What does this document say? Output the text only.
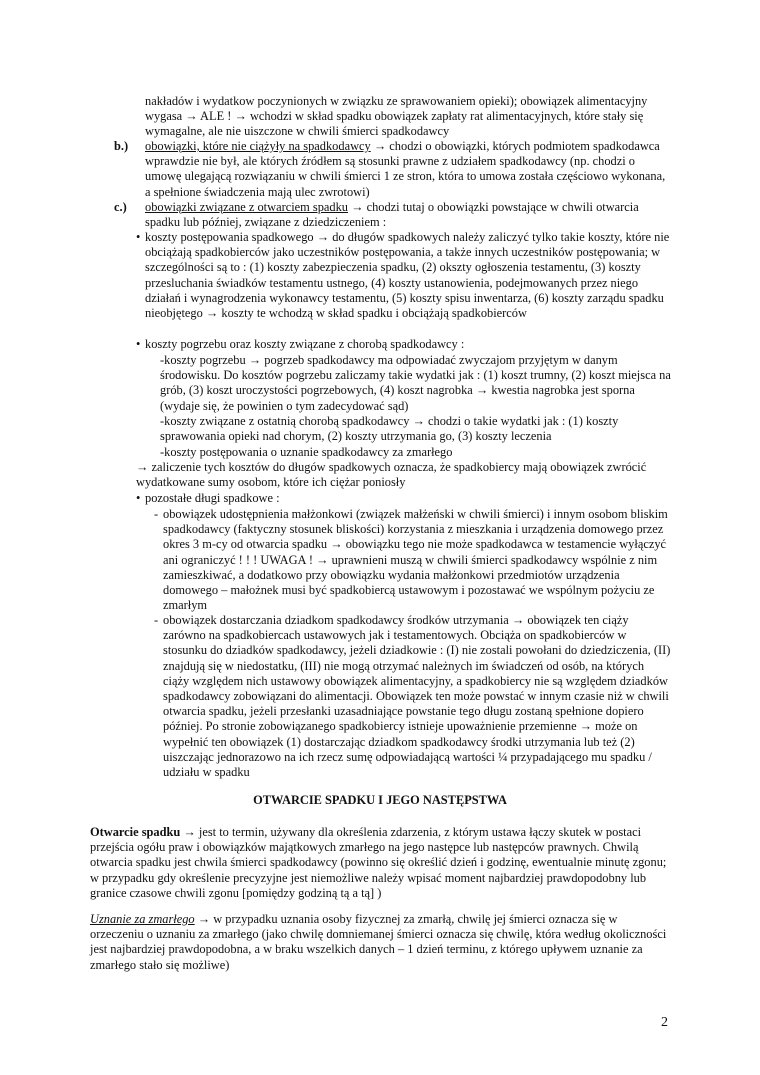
nakładów i wydatkow poczynionych w związku ze sprawowaniem opieki); obowiązek alimentacyjny wygasa → ALE ! → wchodzi w skład spadku obowiązek zapłaty rat alimentacyjnych, które stały się wymagalne, ale nie uiszczone w chwili śmierci spadkodawcy

b.) obowiązki, które nie ciążyły na spadkodawcy → chodzi o obowiązki, których podmiotem spadkodawca wprawdzie nie był, ale których źródłem są stosunki prawne z udziałem spadkodawcy (np. chodzi o umowę ulegającą rozwiązaniu w chwili śmierci 1 ze stron, która to umowa została częściowo wykonana, a spełnione świadczenia mają ulec zwrotowi)

c.) obowiązki związane z otwarciem spadku → chodzi tutaj o obowiązki powstające w chwili otwarcia spadku lub później, związane z dziedziczeniem :

• koszty postępowania spadkowego → do długów spadkowych należy zaliczyć tylko takie koszty, które nie obciążają spadkobierców jako uczestników postępowania, a także innych uczestników postępowania; w szczególności są to : (1) koszty zabezpieczenia spadku, (2) okszty ogłoszenia testamentu, (3) koszty przesluchania świadków testamentu ustnego, (4) koszty ustanowienia, podejmowanych przez niego działań i wynagrodzenia wykonawcy testamentu, (5) koszty spisu inwentarza, (6) koszty zarządu spadku nieobjętego → koszty te wchodzą w skład spadku i obciążają spadkobierców

• koszty pogrzebu oraz koszty związane z chorobą spadkodawcy :

-koszty pogrzebu → pogrzeb spadkodawcy ma odpowiadać zwyczajom przyjętym w danym środowisku. Do kosztów pogrzebu zaliczamy takie wydatki jak : (1) koszt trumny, (2) koszt miejsca na grób, (3) koszt uroczystości pogrzebowych, (4) koszt nagrobka → kwestia nagrobka jest sporna (wydaje się, że powinien o tym zadecydować sąd)

-koszty związane z ostatnią chorobą spadkodawcy → chodzi o takie wydatki jak : (1) koszty sprawowania opieki nad chorym, (2) koszty utrzymania go, (3) koszty leczenia

-koszty postępowania o uznanie spadkodawcy za zmarłego

→ zaliczenie tych kosztów do długów spadkowych oznacza, że spadkobiercy mają obowiązek zwrócić wydatkowane sumy osobom, które ich ciężar poniosły

• pozostałe długi spadkowe :

- obowiązek udostępnienia małżonkowi (związek małżeński w chwili śmierci) i innym osobom bliskim spadkodawcy (faktyczny stosunek bliskości) korzystania z mieszkania i urządzenia domowego przez okres 3 m-cy od otwarcia spadku → obowiązku tego nie może spadkodawca w testamencie wyłączyć ani ograniczyć ! ! ! UWAGA ! → uprawnieni muszą w chwili śmierci spadkodawcy wspólnie z nim zamieszkiwać, a dodatkowo przy obowiązku wydania małżonkowi przedmiotów urządzenia domowego – małożnek musi być spadkobiercą ustawowym i pozostawać we wspólnym pożyciu ze zmarłym

- obowiązek dostarczania dziadkom spadkodawcy środków utrzymania → obowiązek ten ciąży zarówno na spadkobiercach ustawowych jak i testamentowych. Obciąża on spadkobierców w stosunku do dziadków spadkodawcy, jeżeli dziadkowie : (I) nie zostali powołani do dziedziczenia, (II) znajdują się w niedostatku, (III) nie mogą otrzymać należnych im świadczeń od osób, na których ciąży względem nich ustawowy obowiązek alimentacyjny, a spadkobiercy nie są względem dziadków spadkodawcy zobowiązani do alimentacji. Obowiązek ten może powstać w innym czasie niż w chwili otwarcia spadku, jeżeli przesłanki uzasadniające powstanie tego długu zostaną spełnione dopiero później. Po stronie zobowiązanego spadkobiercy istnieje upoważnienie przemienne → może on wypełnić ten obowiązek (1) dostarczając dziadkom spadkodawcy środki utrzymania lub też (2) uiszczając jednorazowo na ich rzecz sumę odpowiadającą wartości ¼ przypadającego mu spadku / udziału w spadku

OTWARCIE SPADKU I JEGO NASTĘPSTWA

Otwarcie spadku → jest to termin, używany dla określenia zdarzenia, z którym ustawa łączy skutek w postaci przejścia ogółu praw i obowiązków majątkowych zmarłego na jego następce lub następców prawnych. Chwilą otwarcia spadku jest chwila śmierci spadkodawcy (powinno się określić dzień i godzinę, ewentualnie minutę zgonu; w przypadku gdy określenie precyzyjne jest niemożliwe należy wpisać moment najbardziej prawdopodobny lub granice czasowe chwili zgonu [pomiędzy godziną tą a tą] )

Uznanie za zmarłego → w przypadku uznania osoby fizycznej za zmarłą, chwilę jej śmierci oznacza się w orzeczeniu o uznaniu za zmarłego (jako chwilę domniemanej śmierci oznacza się chwilę, która według okoliczności jest najbardziej prawdopodobna, a w braku wszelkich danych – 1 dzień terminu, z którego upływem uznanie za zmarłego stało się możliwe)

2
